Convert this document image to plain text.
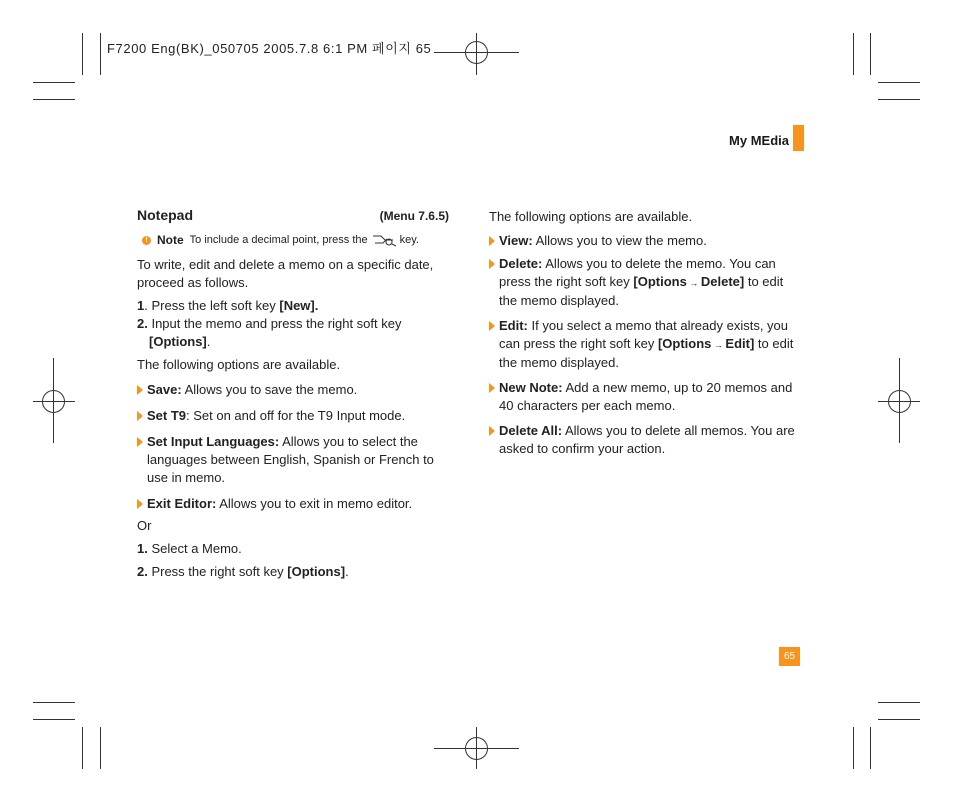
F7200 Eng(BK)_050705 2005.7.8 6:1 PM 페이지 65
My MEdia
65
Notepad	(Menu 7.6.5)
! Note To include a decimal point, press the	key.

To write, edit and delete a memo on a specific date, proceed as follows.

1. Press the left soft key [New].

2. Input the memo and press the right soft key
[Options].

The following options are available.

Save: Allows you to save the memo.
Set T9: Set on and off for the T9 Input mode.
Set Input Languages: Allows you to select the languages between English, Spanish or French to use in memo.
Exit Editor: Allows you to exit in memo editor.

Or

1. Select a Memo.

2. Press the right soft key [Options].

The following options are available.

View: Allows you to view the memo.
Delete: Allows you to delete the memo. You can press the right soft key [Options → Delete] to edit the memo displayed.
Edit: If you select a memo that already exists, you can press the right soft key [Options → Edit] to edit the memo displayed.
New Note: Add a new memo, up to 20 memos and 40 characters per each memo.
Delete All: Allows you to delete all memos. You are asked to confirm your action.
